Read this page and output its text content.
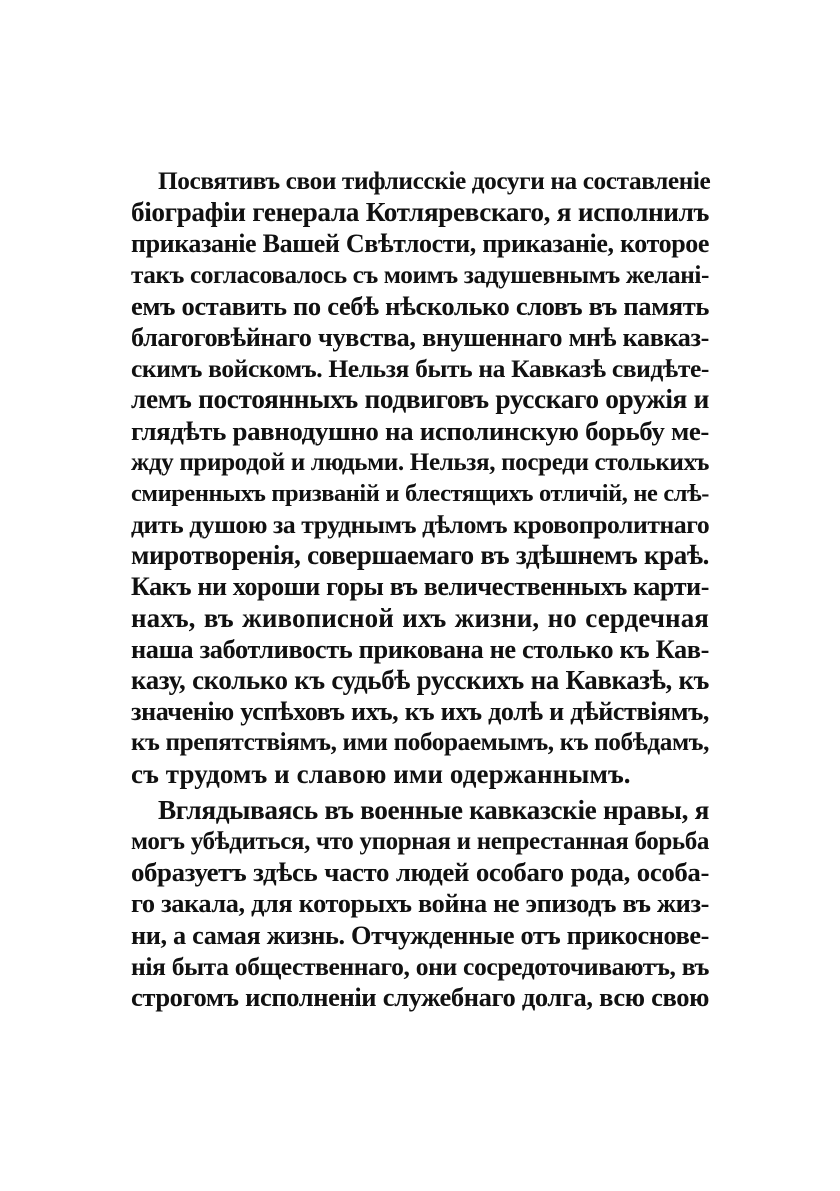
Посвятивъ свои тифлисскіе досуги на составленіе
біографіи генерала Котляревскаго, я исполнилъ
приказаніе Вашей Свѣтлости, приказаніе, которое
такъ согласовалось съ моимъ задушевнымъ желані-
емъ оставить по себѣ нѣсколько словъ въ память
благоговѣйнаго чувства, внушеннаго мнѣ кавказ-
скимъ войскомъ. Нельзя быть на Кавказѣ свидѣте-
лемъ постоянныхъ подвиговъ русскаго оружія и
глядѣть равнодушно на исполинскую борьбу ме-
жду природой и людьми. Нельзя, посреди столькихъ
смиренныхъ призваній и блестящихъ отличій, не слѣ-
дить душою за труднымъ дѣломъ кровопролитнаго
миротворенія, совершаемаго въ здѣшнемъ краѣ.
Какъ ни хороши горы въ величественныхъ карти-
нахъ, въ живописной ихъ жизни, но сердечная
наша заботливость прикована не столько къ Кав-
казу, сколько къ судьбѣ русскихъ на Кавказѣ, къ
значенію успѣховъ ихъ, къ ихъ долѣ и дѣйствіямъ,
къ препятствіямъ, ими побораемымъ, къ побѣдамъ,
съ трудомъ и славою ими одержаннымъ.
Вглядываясь въ военные кавказскіе нравы, я
могъ убѣдиться, что упорная и непрестанная борьба
образуетъ здѣсь часто людей особаго рода, особа-
го закала, для которыхъ война не эпизодъ въ жиз-
ни, а самая жизнь. Отчужденные отъ прикоснове-
нія быта общественнаго, они сосредоточиваютъ, въ
строгомъ исполненіи служебнаго долга, всю свою
